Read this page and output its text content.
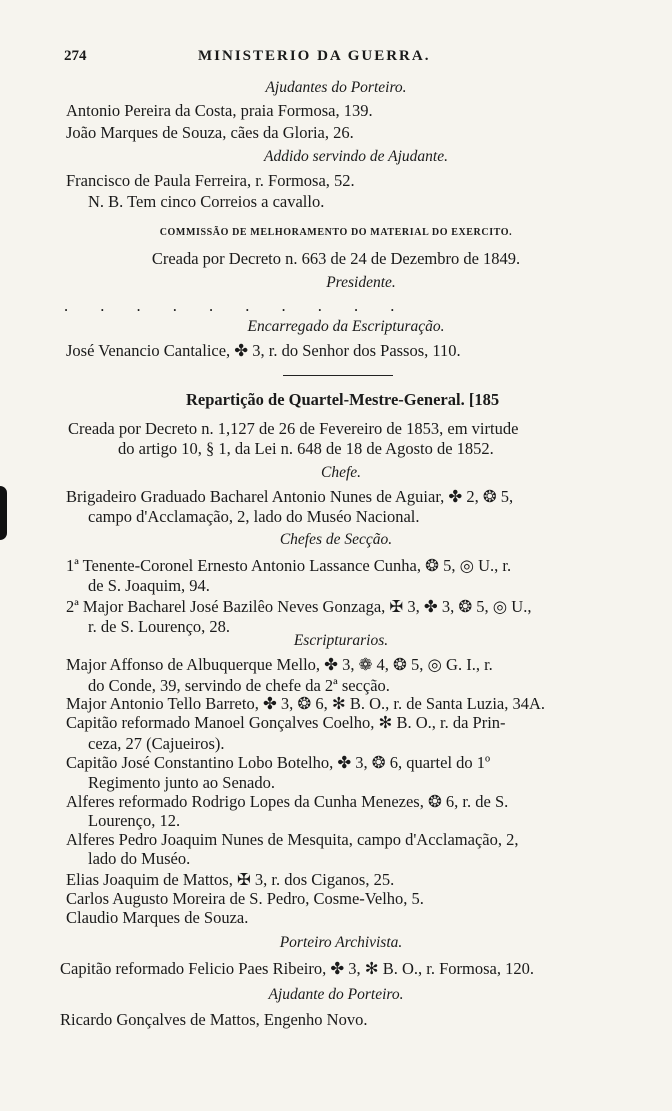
274	MINISTERIO DA GUERRA.
Ajudantes do Porteiro.
Antonio Pereira da Costa, praia Formosa, 139.
João Marques de Souza, cães da Gloria, 26.
Addido servindo de Ajudante.
Francisco de Paula Ferreira, r. Formosa, 52.
N. B. Tem cinco Correios a cavallo.
COMMISSÃO DE MELHORAMENTO DO MATERIAL DO EXERCITO.
Creada por Decreto n. 663 de 24 de Dezembro de 1849.
Presidente.
. . . . . . . . . .
Encarregado da Escripturação.
José Venancio Cantalice, ✤ 3, r. do Senhor dos Passos, 110.
Repartição de Quartel-Mestre-General. [185
Creada por Decreto n. 1,127 de 26 de Fevereiro de 1853, em virtude
do artigo 10, § 1, da Lei n. 648 de 18 de Agosto de 1852.
Chefe.
Brigadeiro Graduado Bacharel Antonio Nunes de Aguiar, ✤ 2, ❂ 5,
campo d'Acclamação, 2, lado do Muséo Nacional.
Chefes de Secção.
1ª Tenente-Coronel Ernesto Antonio Lassance Cunha, ❂ 5, ◎ U., r.
de S. Joaquim, 94.
2ª Major Bacharel José Bazilêo Neves Gonzaga, ✠ 3, ✤ 3, ❂ 5, ◎ U.,
r. de S. Lourenço, 28.
Escripturarios.
Major Affonso de Albuquerque Mello, ✤ 3, ❁ 4, ❂ 5, ◎ G. I., r.
do Conde, 39, servindo de chefe da 2ª secção.
Major Antonio Tello Barreto, ✤ 3, ❂ 6, ✻ B. O., r. de Santa Luzia, 34A.
Capitão reformado Manoel Gonçalves Coelho, ✻ B. O., r. da Prin-
ceza, 27 (Cajueiros).
Capitão José Constantino Lobo Botelho, ✤ 3, ❂ 6, quartel do 1º
Regimento junto ao Senado.
Alferes reformado Rodrigo Lopes da Cunha Menezes, ❂ 6, r. de S.
Lourenço, 12.
Alferes Pedro Joaquim Nunes de Mesquita, campo d'Acclamação, 2,
lado do Muséo.
Elias Joaquim de Mattos, ✠ 3, r. dos Ciganos, 25.
Carlos Augusto Moreira de S. Pedro, Cosme-Velho, 5.
Claudio Marques de Souza.
Porteiro Archivista.
Capitão reformado Felicio Paes Ribeiro, ✤ 3, ✻ B. O., r. Formosa, 120.
Ajudante do Porteiro.
Ricardo Gonçalves de Mattos, Engenho Novo.
